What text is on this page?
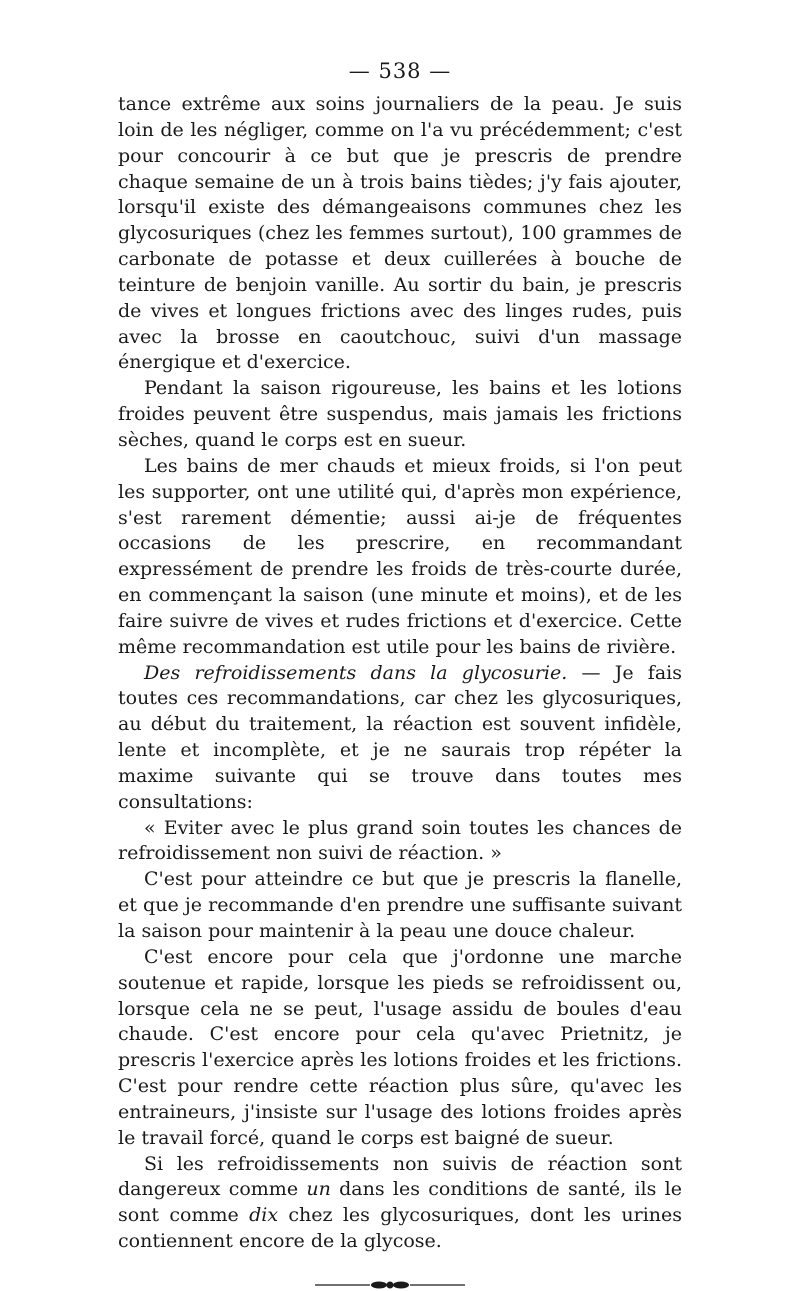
— 538 —

tance extrême aux soins journaliers de la peau. Je suis loin de les négliger, comme on l'a vu précédemment; c'est pour concourir à ce but que je prescris de prendre chaque semaine de un à trois bains tièdes; j'y fais ajouter, lorsqu'il existe des démangeaisons communes chez les glycosuriques (chez les femmes surtout), 100 grammes de carbonate de potasse et deux cuillerées à bouche de teinture de benjoin vanille. Au sortir du bain, je prescris de vives et longues frictions avec des linges rudes, puis avec la brosse en caoutchouc, suivi d'un massage énergique et d'exercice.

Pendant la saison rigoureuse, les bains et les lotions froides peuvent être suspendus, mais jamais les frictions sèches, quand le corps est en sueur.

Les bains de mer chauds et mieux froids, si l'on peut les supporter, ont une utilité qui, d'après mon expérience, s'est rarement démentie; aussi ai-je de fréquentes occasions de les prescrire, en recommandant expressément de prendre les froids de très-courte durée, en commençant la saison (une minute et moins), et de les faire suivre de vives et rudes frictions et d'exercice. Cette même recommandation est utile pour les bains de rivière.

Des refroidissements dans la glycosurie. — Je fais toutes ces recommandations, car chez les glycosuriques, au début du traitement, la réaction est souvent infidèle, lente et incomplète, et je ne saurais trop répéter la maxime suivante qui se trouve dans toutes mes consultations:

« Eviter avec le plus grand soin toutes les chances de refroidissement non suivi de réaction. »

C'est pour atteindre ce but que je prescris la flanelle, et que je recommande d'en prendre une suffisante suivant la saison pour maintenir à la peau une douce chaleur.

C'est encore pour cela que j'ordonne une marche soutenue et rapide, lorsque les pieds se refroidissent ou, lorsque cela ne se peut, l'usage assidu de boules d'eau chaude. C'est encore pour cela qu'avec Prietnitz, je prescris l'exercice après les lotions froides et les frictions. C'est pour rendre cette réaction plus sûre, qu'avec les entraineurs, j'insiste sur l'usage des lotions froides après le travail forcé, quand le corps est baigné de sueur.

Si les refroidissements non suivis de réaction sont dangereux comme un dans les conditions de santé, ils le sont comme dix chez les glycosuriques, dont les urines contiennent encore de la glycose.
